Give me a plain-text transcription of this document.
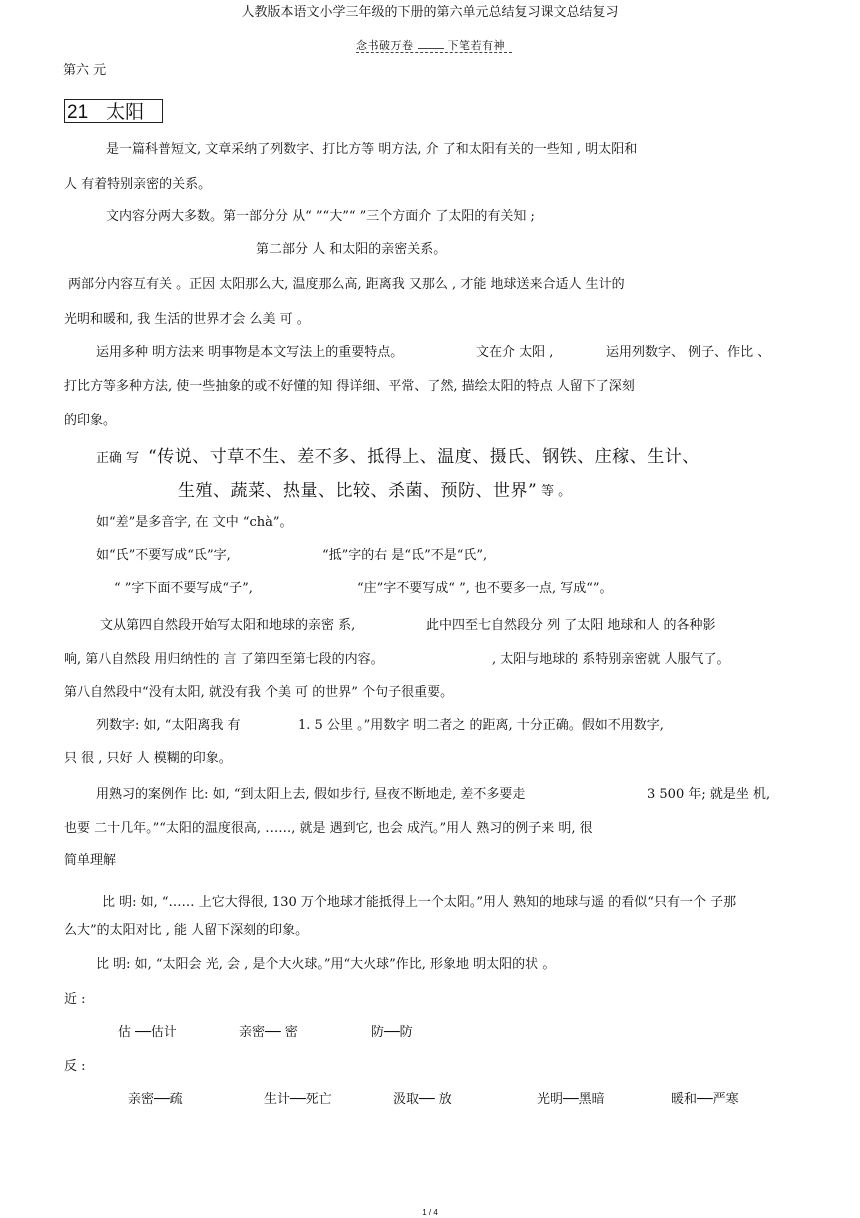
人教版本语文小学三年级的下册的第六单元总结复习课文总结复习
念书破万卷	下笔若有神
第六 元
21 太阳
是一篇科普短文, 文章采纳了列数字、打比方等 明方法, 介 了和太阳有关的一些知 , 明太阳和
人 有着特别亲密的关系。
文内容分两大多数。第一部分分 从“ ”“大”“ ”三个方面介 了太阳的有关知 ;
第二部分 人 和太阳的亲密关系。
两部分内容互有关 。正因 太阳那么大, 温度那么高, 距离我 又那么 , 才能 地球送来合适人 生计的
光明和暖和, 我 生活的世界才会 么美 可 。
运用多种 明方法来 明事物是本文写法上的重要特点。	文在介 太阳 ,	运用列数字、 例子、作比 、
打比方等多种方法, 使一些抽象的或不好懂的知 得详细、平常、了然, 描绘太阳的特点 人留下了深刻
的印象。
正确 写 “传说、寸草不生、差不多、抵得上、温度、摄氏、钢铁、庄稼、生计、
生殖、蔬菜、热量、比较、杀菌、预防、世界” 等 。
如“差”是多音字, 在 文中 “chà”。
如“氏”不要写成“氐”字,	“抵”字的右 是“氐”不是“氏”,
“ ”字下面不要写成“子”,	“庄”字不要写成“ ”, 也不要多一点, 写成“”。
文从第四自然段开始写太阳和地球的亲密 系,	此中四至七自然段分 列 了太阳 地球和人 的各种影
响, 第八自然段 用归纳性的 言 了第四至第七段的内容。	, 太阳与地球的 系特别亲密就 人服气了。
第八自然段中“没有太阳, 就没有我 个美 可 的世界” 个句子很重要。
列数字: 如, “太阳离我 有	1. 5 公里 。”用数字 明二者之 的距离, 十分正确。假如不用数字,
只 很 , 只好 人 模糊的印象。
用熟习的案例作 比: 如, “到太阳上去, 假如步行, 昼夜不断地走, 差不多要走	3 500 年; 就是坐 机,
也要 二十几年。”“太阳的温度很高, ……, 就是 遇到它, 也会 成汽。”用人 熟习的例子来 明, 很
简单理解
比 明: 如, “…… 上它大得很, 130 万个地球才能抵得上一个太阳。”用人 熟知的地球与遥 的看似“只有一个 子那
么大”的太阳对比 , 能 人留下深刻的印象。
比 明: 如, “太阳会 光, 会 , 是个大火球。”用“大火球”作比, 形象地 明太阳的状 。
近 :
估 ──估计	亲密── 密	防──防
反 :
亲密──疏	生计──死亡	汲取── 放	光明──黑暗	暖和──严寒
1 / 4
